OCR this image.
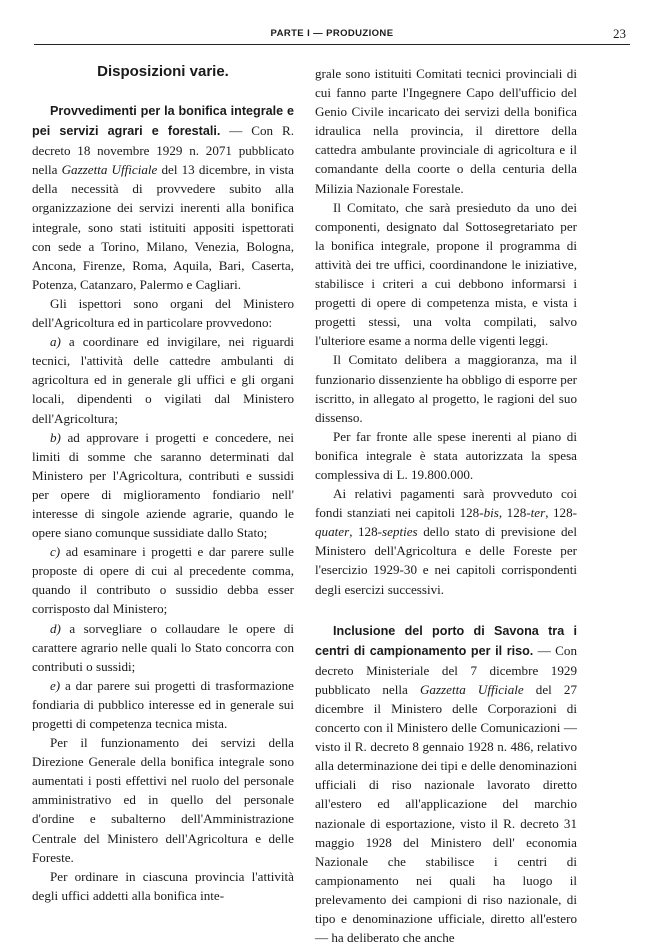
PARTE I — PRODUZIONE	23

Disposizioni varie.

Provvedimenti per la bonifica integrale e pei servizi agrari e forestali. — Con R. decreto 18 novembre 1929 n. 2071 pubblicato nella Gazzetta Ufficiale del 13 dicembre, in vista della necessità di provvedere subito alla organizzazione dei servizi inerenti alla bonifica integrale, sono stati istituiti appositi ispettorati con sede a Torino, Milano, Venezia, Bologna, Ancona, Firenze, Roma, Aquila, Bari, Caserta, Potenza, Catanzaro, Palermo e Cagliari.

Gli ispettori sono organi del Ministero dell'Agricoltura ed in particolare provvedono:

a) a coordinare ed invigilare, nei riguardi tecnici, l'attività delle cattedre ambulanti di agricoltura ed in generale gli uffici e gli organi locali, dipendenti o vigilati dal Ministero dell'Agricoltura;

b) ad approvare i progetti e concedere, nei limiti di somme che saranno determinati dal Ministero per l'Agricoltura, contributi e sussidi per opere di miglioramento fondiario nell' interesse di singole aziende agrarie, quando le opere siano comunque sussidiate dallo Stato;

c) ad esaminare i progetti e dar parere sulle proposte di opere di cui al precedente comma, quando il contributo o sussidio debba esser corrisposto dal Ministero;

d) a sorvegliare o collaudare le opere di carattere agrario nelle quali lo Stato concorra con contributi o sussidi;

e) a dar parere sui progetti di trasformazione fondiaria di pubblico interesse ed in generale sui progetti di competenza tecnica mista.

Per il funzionamento dei servizi della Direzione Generale della bonifica integrale sono aumentati i posti effettivi nel ruolo del personale amministrativo ed in quello del personale d'ordine e subalterno dell'Amministrazione Centrale del Ministero dell'Agricoltura e delle Foreste.

Per ordinare in ciascuna provincia l'attività degli uffici addetti alla bonifica inte-

grale sono istituiti Comitati tecnici provinciali di cui fanno parte l'Ingegnere Capo dell'ufficio del Genio Civile incaricato dei servizi della bonifica idraulica nella provincia, il direttore della cattedra ambulante provinciale di agricoltura e il comandante della coorte o della centuria della Milizia Nazionale Forestale.

Il Comitato, che sarà presieduto da uno dei componenti, designato dal Sottosegretariato per la bonifica integrale, propone il programma di attività dei tre uffici, coordinandone le iniziative, stabilisce i criteri a cui debbono informarsi i progetti di opere di competenza mista, e vista i progetti stessi, una volta compilati, salvo l'ulteriore esame a norma delle vigenti leggi.

Il Comitato delibera a maggioranza, ma il funzionario dissenziente ha obbligo di esporre per iscritto, in allegato al progetto, le ragioni del suo dissenso.

Per far fronte alle spese inerenti al piano di bonifica integrale è stata autorizzata la spesa complessiva di L. 19.800.000.

Ai relativi pagamenti sarà provveduto coi fondi stanziati nei capitoli 128-bis, 128-ter, 128-quater, 128-septies dello stato di previsione del Ministero dell'Agricoltura e delle Foreste per l'esercizio 1929-30 e nei capitoli corrispondenti degli esercizi successivi.

Inclusione del porto di Savona tra i centri di campionamento per il riso. — Con decreto Ministeriale del 7 dicembre 1929 pubblicato nella Gazzetta Ufficiale del 27 dicembre il Ministero delle Corporazioni di concerto con il Ministero delle Comunicazioni — visto il R. decreto 8 gennaio 1928 n. 486, relativo alla determinazione dei tipi e delle denominazioni ufficiali di riso nazionale lavorato diretto all'estero ed all'applicazione del marchio nazionale di esportazione, visto il R. decreto 31 maggio 1928 del Ministero dell' economia Nazionale che stabilisce i centri di campionamento nei quali ha luogo il prelevamento dei campioni di riso nazionale, di tipo e denominazione ufficiale, diretto all'estero — ha deliberato che anche
